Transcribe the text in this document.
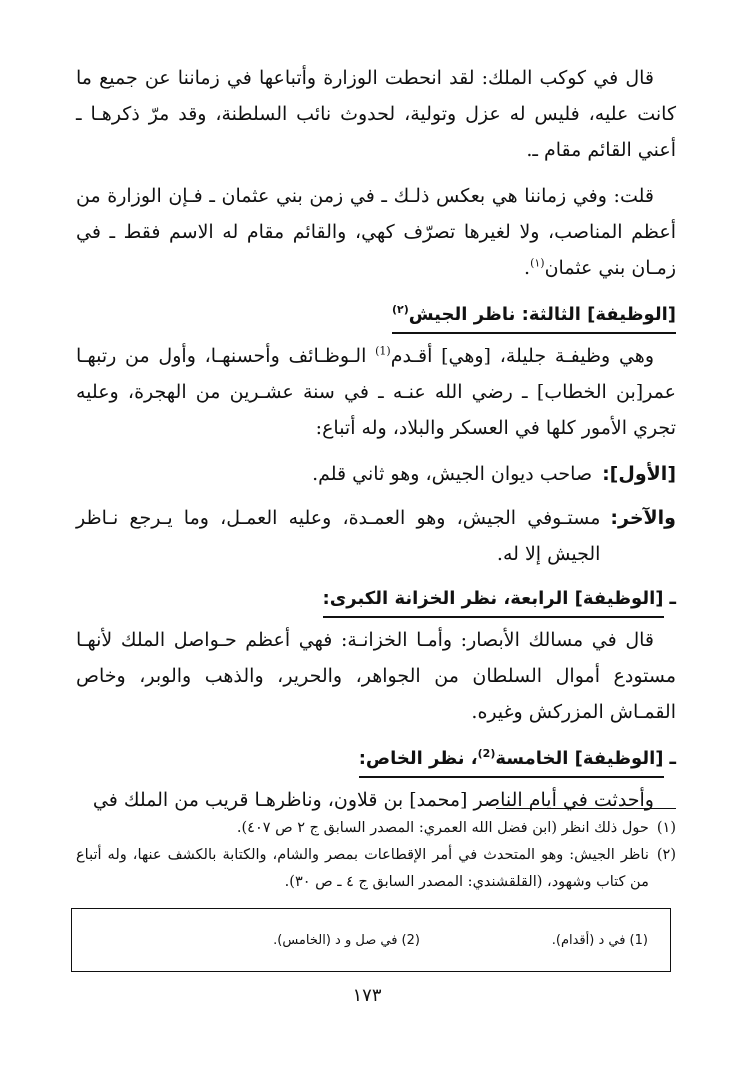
قال في كوكب الملك: لقد انحطت الوزارة وأتباعها في زماننا عن جميع ما كانت عليه، فليس له عزل وتولية، لحدوث نائب السلطنة، وقد مرّ ذكرهـا ـ أعني القائم مقام ـ.

قلت: وفي زماننا هي بعكس ذلـك ـ في زمن بني عثمان ـ فـإن الوزارة من أعظم المناصب، ولا لغيرها تصرّف كهي، والقائم مقام له الاسم فقط ـ في زمـان بني عثمان$^{(١)}$.

[الوظيفة] الثالثة: ناظر الجيش$^{(٢)}$

وهي وظيفـة جليلة، [وهي] أقـدم$^{(1)}$ الـوظـائف وأحسنهـا، وأول من رتبهـا عمر[بن الخطاب] ـ رضي الله عنـه ـ في سنة عشـرين من الهجرة، وعليه تجري الأمور كلها في العسكر والبلاد، وله أتباع:

[الأول]:
صاحب ديوان الجيش، وهو ثاني قلم.
والآخر:
مستـوفي الجيش، وهو العمـدة، وعليه العمـل، وما يـرجع نـاظر الجيش إلا له.
ـ[الوظيفة] الرابعة، نظر الخزانة الكبرى:

قال في مسالك الأبصار: وأمـا الخزانـة: فهي أعظم حـواصل الملك لأنهـا مستودع أموال السلطان من الجواهر، والحرير، والذهب والوبر، وخاص القمـاش المزركش وغيره.

ـ[الوظيفة] الخامسة$^{(2)}$، نظر الخاص:

وأحدثت في أيام الناصر [محمد] بن قلاون، وناظرهـا قريب من الملك في

(١)
حول ذلك انظر (ابن فضل الله العمري: المصدر السابق ج ٢ ص ٤٠٧).
(٢)
ناظر الجيش: وهو المتحدث في أمر الإقطاعات بمصر والشام، والكتابة بالكشف عنها، وله أتباع من كتاب وشهود، (القلقشندي: المصدر السابق ج ٤ ـ ص ٣٠).
(1) في د (أقدام).
(2) في صل و د (الخامس).
١٧٣
